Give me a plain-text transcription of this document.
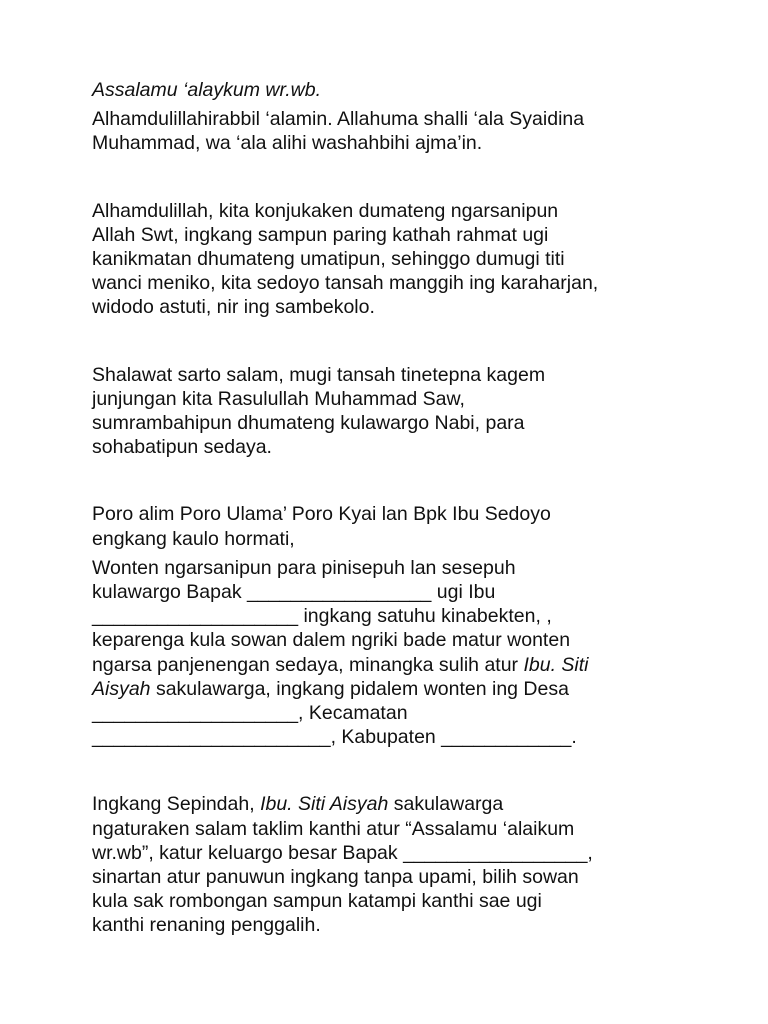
Assalamu ‘alaykum wr.wb.

Alhamdulillahirabbil ‘alamin. Allahuma shalli ‘ala Syaidina
Muhammad, wa ‘ala alihi washahbihi ajma’in.

Alhamdulillah, kita konjukaken dumateng ngarsanipun
Allah Swt, ingkang sampun paring kathah rahmat ugi
kanikmatan dhumateng umatipun, sehinggo dumugi titi
wanci meniko, kita sedoyo tansah manggih ing karaharjan,
widodo astuti, nir ing sambekolo.

Shalawat sarto salam, mugi tansah tinetepna kagem
junjungan kita Rasulullah Muhammad Saw,
sumrambahipun dhumateng kulawargo Nabi, para
sohabatipun sedaya.

Poro alim Poro Ulama’ Poro Kyai lan Bpk Ibu Sedoyo
engkang kaulo hormati,

Wonten ngarsanipun para pinisepuh lan sesepuh
kulawargo Bapak _________________ ugi Ibu
___________________ ingkang satuhu kinabekten, ,
keparenga kula sowan dalem ngriki bade matur wonten
ngarsa panjenengan sedaya, minangka sulih atur Ibu. Siti
Aisyah sakulawarga, ingkang pidalem wonten ing Desa
___________________, Kecamatan
______________________, Kabupaten ____________.

Ingkang Sepindah, Ibu. Siti Aisyah sakulawarga
ngaturaken salam taklim kanthi atur “Assalamu ‘alaikum
wr.wb”, katur keluargo besar Bapak _________________,
sinartan atur panuwun ingkang tanpa upami, bilih sowan
kula sak rombongan sampun katampi kanthi sae ugi
kanthi renaning penggalih.
